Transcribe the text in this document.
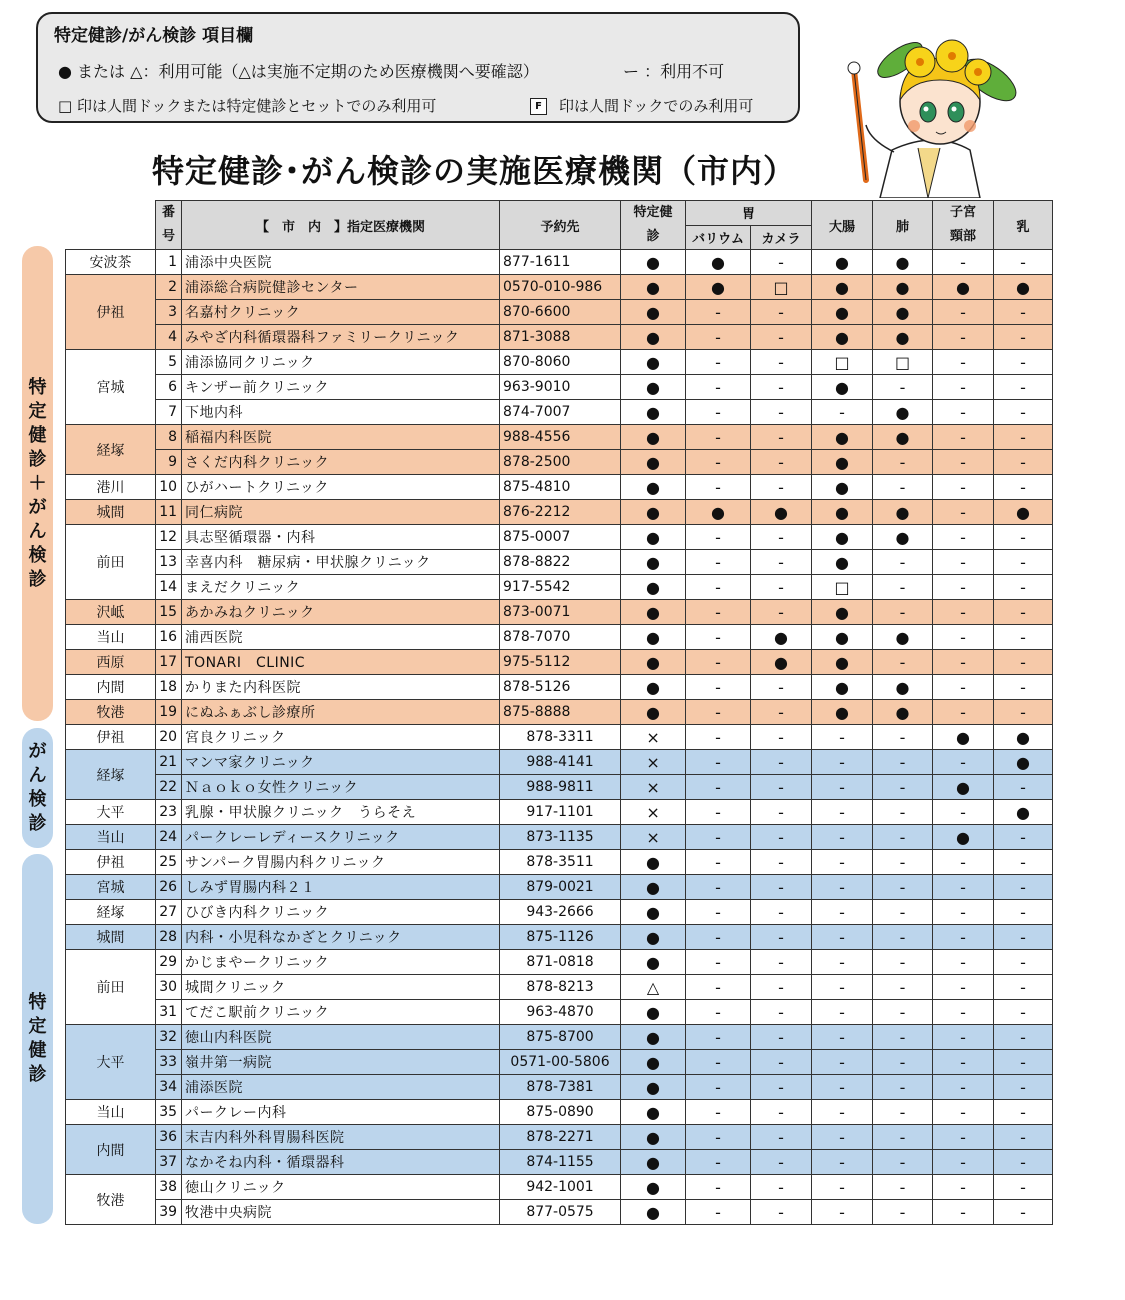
特定健診/がん検診 項目欄
● または △：利用可能（△は実施不定期のため医療機関へ要確認）	ー ：利用不可
□ 印は人間ドックまたは特定健診とセットでのみ利用可	F 印は人間ドックでのみ利用可
特定健診･がん検診の実施医療機関（市内）
特
定
健
診
＋
が
ん
検
診
が
ん
検
診
特
定
健
診
	番号	【　市　内　】指定医療機関	予約先	特定健診	胃		大腸	肺	子宮頸部	乳
					バリウム	カメラ				
安波茶	1	浦添中央医院	877-1611	●	●	-	●	●	-	-
伊祖	2	浦添総合病院健診センター	0570-010-986	●	●	□	●	●	●	●
	3	名嘉村クリニック	870-6600	●	-	-	●	●	-	-
	4	みやざ内科循環器科ファミリークリニック	871-3088	●	-	-	●	●	-	-
宮城	5	浦添協同クリニック	870-8060	●	-	-	□	□	-	-
	6	キンザー前クリニック	963-9010	●	-	-	●	-	-	-
	7	下地内科	874-7007	●	-	-	-	●	-	-
経塚	8	稲福内科医院	988-4556	●	-	-	●	●	-	-
	9	さくだ内科クリニック	878-2500	●	-	-	●	-	-	-
港川	10	ひがハートクリニック	875-4810	●	-	-	●	-	-	-
城間	11	同仁病院	876-2212	●	●	●	●	●	-	●
前田	12	具志堅循環器・内科	875-0007	●	-	-	●	●	-	-
	13	幸喜内科　糖尿病・甲状腺クリニック	878-8822	●	-	-	●	-	-	-
	14	まえだクリニック	917-5542	●	-	-	□	-	-	-
沢岻	15	あかみねクリニック	873-0071	●	-	-	●	-	-	-
当山	16	浦西医院	878-7070	●	-	●	●	●	-	-
西原	17	TONARI　CLINIC	975-5112	●	-	●	●	-	-	-
内間	18	かりまた内科医院	878-5126	●	-	-	●	●	-	-
牧港	19	にぬふぁぶし診療所	875-8888	●	-	-	●	●	-	-
伊祖	20	宮良クリニック	878-3311	×	-	-	-	-	●	●
経塚	21	マンマ家クリニック	988-4141	×	-	-	-	-	-	●
	22	Ｎａｏｋｏ女性クリニック	988-9811	×	-	-	-	-	●	-
大平	23	乳腺・甲状腺クリニック　うらそえ	917-1101	×	-	-	-	-	-	●
当山	24	パークレーレディースクリニック	873-1135	×	-	-	-	-	●	-
伊祖	25	サンパーク胃腸内科クリニック	878-3511	●	-	-	-	-	-	-
宮城	26	しみず胃腸内科２１	879-0021	●	-	-	-	-	-	-
経塚	27	ひびき内科クリニック	943-2666	●	-	-	-	-	-	-
城間	28	内科・小児科なかざとクリニック	875-1126	●	-	-	-	-	-	-
前田	29	かじまやークリニック	871-0818	●	-	-	-	-	-	-
	30	城間クリニック	878-8213	△	-	-	-	-	-	-
	31	てだこ駅前クリニック	963-4870	●	-	-	-	-	-	-
大平	32	徳山内科医院	875-8700	●	-	-	-	-	-	-
	33	嶺井第一病院	0571-00-5806	●	-	-	-	-	-	-
	34	浦添医院	878-7381	●	-	-	-	-	-	-
当山	35	パークレー内科	875-0890	●	-	-	-	-	-	-
内間	36	末吉内科外科胃腸科医院	878-2271	●	-	-	-	-	-	-
	37	なかそね内科・循環器科	874-1155	●	-	-	-	-	-	-
牧港	38	徳山クリニック	942-1001	●	-	-	-	-	-	-
	39	牧港中央病院	877-0575	●	-	-	-	-	-	-
